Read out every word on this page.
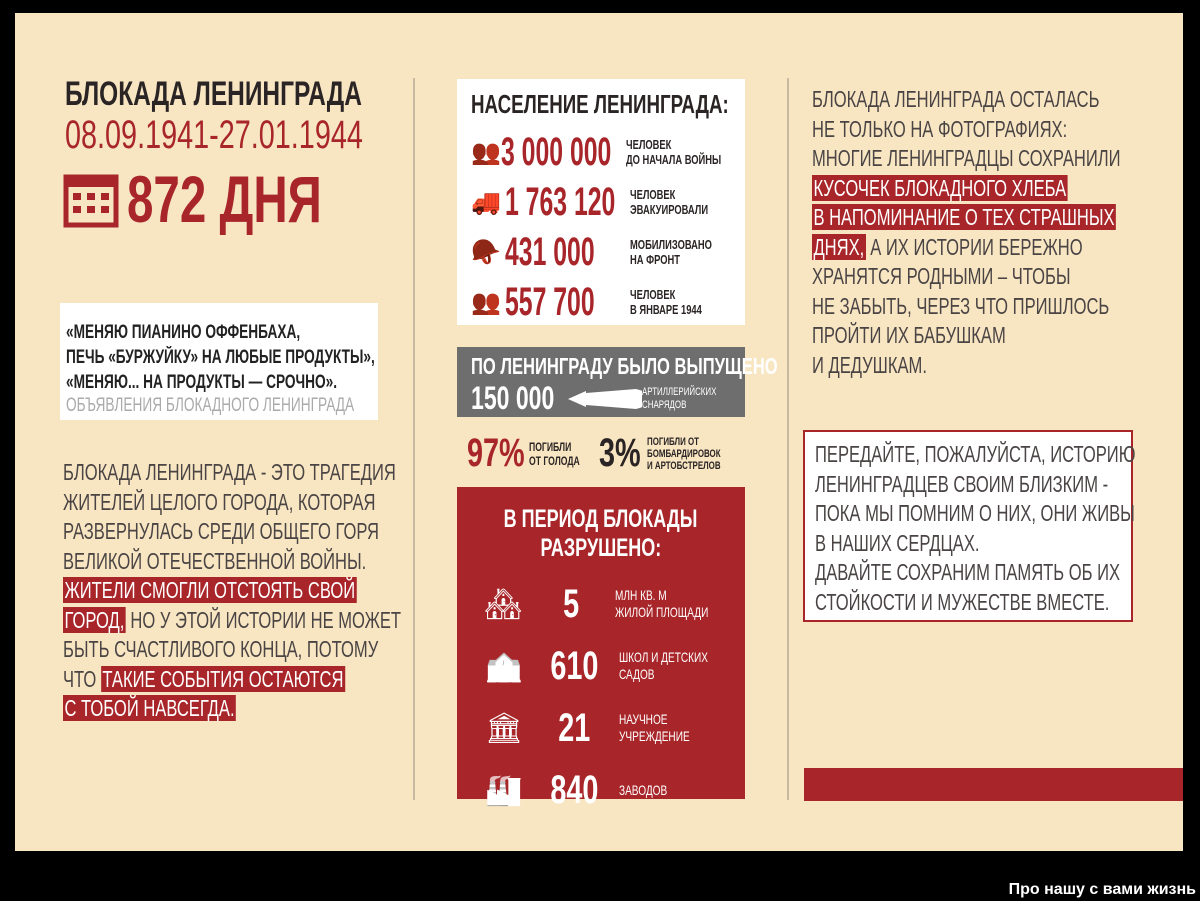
БЛОКАДА ЛЕНИНГРАДА
08.09.1941-27.01.1944
872 ДНЯ
«МЕНЯЮ ПИАНИНО ОФФЕНБАХА,
ПЕЧЬ «БУРЖУЙКУ» НА ЛЮБЫЕ ПРОДУКТЫ»,
«МЕНЯЮ... НА ПРОДУКТЫ — СРОЧНО».
ОБЪЯВЛЕНИЯ БЛОКАДНОГО ЛЕНИНГРАДА
БЛОКАДА ЛЕНИНГРАДА - ЭТО ТРАГЕДИЯ
ЖИТЕЛЕЙ ЦЕЛОГО ГОРОДА, КОТОРАЯ
РАЗВЕРНУЛАСЬ СРЕДИ ОБЩЕГО ГОРЯ
ВЕЛИКОЙ ОТЕЧЕСТВЕННОЙ ВОЙНЫ.
ЖИТЕЛИ СМОГЛИ ОТСТОЯТЬ СВОЙ
ГОРОД, НО У ЭТОЙ ИСТОРИИ НЕ МОЖЕТ
БЫТЬ СЧАСТЛИВОГО КОНЦА, ПОТОМУ
ЧТО ТАКИЕ СОБЫТИЯ ОСТАЮТСЯ
С ТОБОЙ НАВСЕГДА.
НАСЕЛЕНИЕ ЛЕНИНГРАДА:
👥 3 000 000 ЧЕЛОВЕК
ДО НАЧАЛА ВОЙНЫ
🚚 1 763 120 ЧЕЛОВЕК
ЭВАКУИРОВАЛИ
🪖 431 000	МОБИЛИЗОВАНО
НА ФРОНТ
👥 557 700	ЧЕЛОВЕК
В ЯНВАРЕ 1944
ПО ЛЕНИНГРАДУ БЫЛО ВЫПУЩЕНО
150 000	АРТИЛЛЕРИЙСКИХ
СНАРЯДОВ
97% ПОГИБЛИ
ОТ ГОЛОДА 3% ПОГИБЛИ ОТ
БОМБАРДИРОВОК
И АРТОБСТРЕЛОВ
В ПЕРИОД БЛОКАДЫ
РАЗРУШЕНО:
🏘	5	МЛН КВ. М
ЖИЛОЙ ПЛОЩАДИ
🏫 610	ШКОЛ И ДЕТСКИХ
САДОВ
🏛 21	НАУЧНОЕ
УЧРЕЖДЕНИЕ
🏭 840	ЗАВОДОВ
БЛОКАДА ЛЕНИНГРАДА ОСТАЛАСЬ
НЕ ТОЛЬКО НА ФОТОГРАФИЯХ:
МНОГИЕ ЛЕНИНГРАДЦЫ СОХРАНИЛИ
КУСОЧЕК БЛОКАДНОГО ХЛЕБА
В НАПОМИНАНИЕ О ТЕХ СТРАШНЫХ
ДНЯХ, А ИХ ИСТОРИИ БЕРЕЖНО
ХРАНЯТСЯ РОДНЫМИ – ЧТОБЫ
НЕ ЗАБЫТЬ, ЧЕРЕЗ ЧТО ПРИШЛОСЬ
ПРОЙТИ ИХ БАБУШКАМ
И ДЕДУШКАМ.
ПЕРЕДАЙТЕ, ПОЖАЛУЙСТА, ИСТОРИЮ
ЛЕНИНГРАДЦЕВ СВОИМ БЛИЗКИМ -
ПОКА МЫ ПОМНИМ О НИХ, ОНИ ЖИВЫ
В НАШИХ СЕРДЦАХ.
ДАВАЙТЕ СОХРАНИМ ПАМЯТЬ ОБ ИХ
СТОЙКОСТИ И МУЖЕСТВЕ ВМЕСТЕ.
Про нашу с вами жизнь
